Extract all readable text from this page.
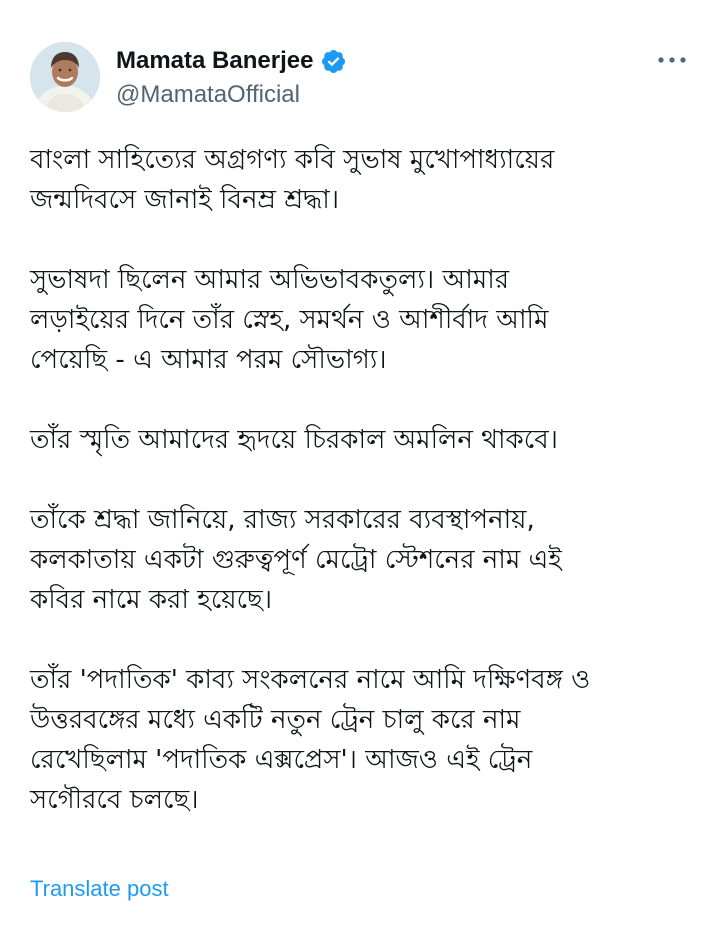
Mamata Banerjee
@MamataOfficial

বাংলা সাহিত্যের অগ্রগণ্য কবি সুভাষ মুখোপাধ্যায়ের
জন্মদিবসে জানাই বিনম্র শ্রদ্ধা।

সুভাষদা ছিলেন আমার অভিভাবকতুল্য। আমার
লড়াইয়ের দিনে তাঁর স্নেহ, সমর্থন ও আশীর্বাদ আমি
পেয়েছি - এ আমার পরম সৌভাগ্য।

তাঁর স্মৃতি আমাদের হৃদয়ে চিরকাল অমলিন থাকবে।

তাঁকে শ্রদ্ধা জানিয়ে, রাজ্য সরকারের ব্যবস্থাপনায়,
কলকাতায় একটা গুরুত্বপূর্ণ মেট্রো স্টেশনের নাম এই
কবির নামে করা হয়েছে।

তাঁর 'পদাতিক' কাব্য সংকলনের নামে আমি দক্ষিণবঙ্গ ও
উত্তরবঙ্গের মধ্যে একটি নতুন ট্রেন চালু করে নাম
রেখেছিলাম 'পদাতিক এক্সপ্রেস'। আজও এই ট্রেন
সগৌরবে চলছে।

Translate post
